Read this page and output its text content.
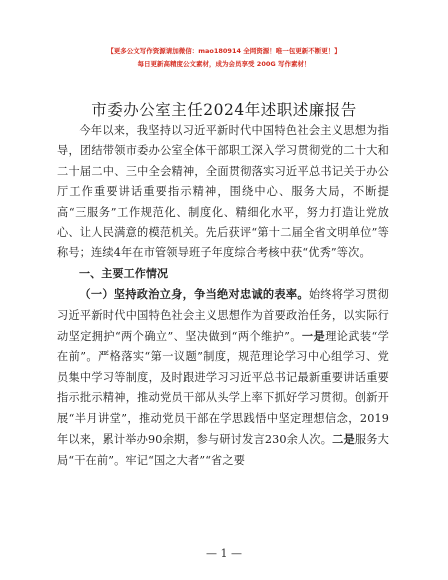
【更多公文写作资源请加微信：mao180914 全网资源！唯一包更新不断更！】
每日更新高精度公文素材，成为会员享受 200G 写作素材！
市委办公室主任2024年述职述廉报告

今年以来，我坚持以习近平新时代中国特色社会主义思想为指导，团结带领市委办公室全体干部职工深入学习贯彻党的二十大和二十届二中、三中全会精神，全面贯彻落实习近平总书记关于办公厅工作重要讲话重要指示精神，围绕中心、服务大局，不断提高“三服务”工作规范化、制度化、精细化水平，努力打造让党放心、让人民满意的模范机关。先后获评“第十二届全省文明单位”等称号；连续4年在市管领导班子年度综合考核中获“优秀”等次。

一、主要工作情况

（一）坚持政治立身，争当绝对忠诚的表率。始终将学习贯彻习近平新时代中国特色社会主义思想作为首要政治任务，以实际行动坚定拥护“两个确立”、坚决做到“两个维护”。一是理论武装“学在前”。严格落实“第一议题”制度，规范理论学习中心组学习、党员集中学习等制度，及时跟进学习习近平总书记最新重要讲话重要指示批示精神，推动党员干部从头学上率下抓好学习贯彻。创新开展“半月讲堂”，推动党员干部在学思践悟中坚定理想信念，2019年以来，累计举办90余期，参与研讨发言230余人次。二是服务大局“干在前”。牢记“国之大者”“省之要

— 1 —
